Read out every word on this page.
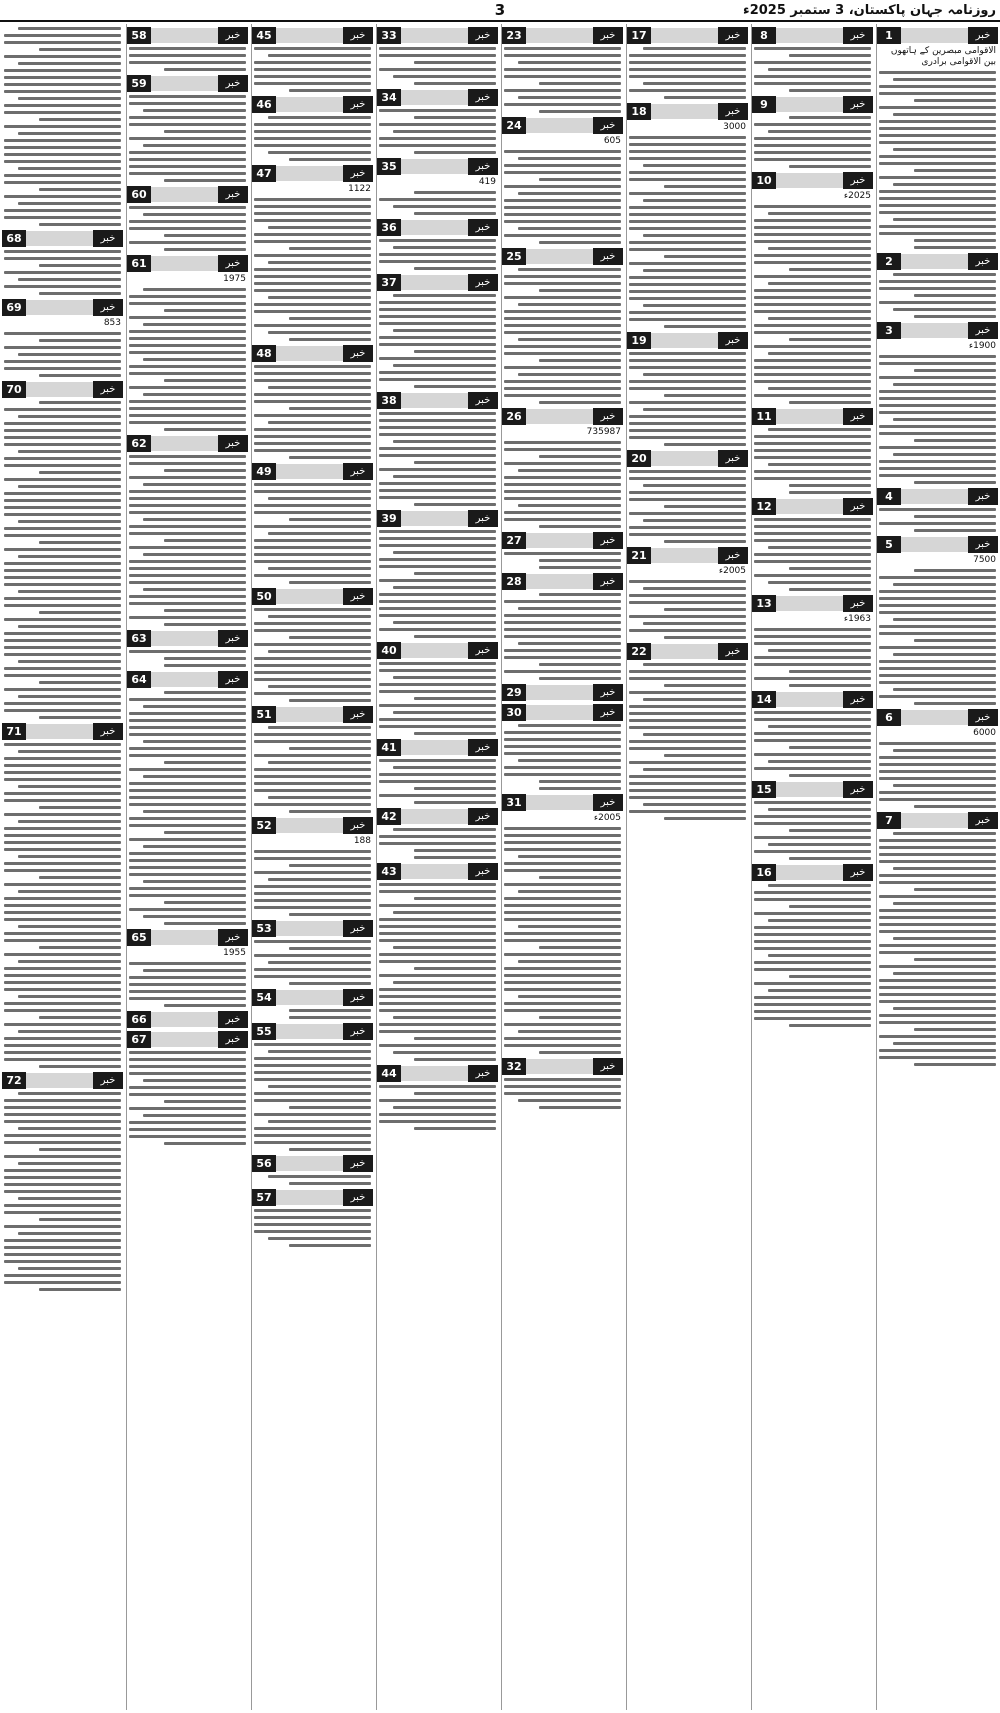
روزنامہ جہان پاکستان، 3 ستمبر 2025ء
3
خبر
1
الاقوامی مبصرین کے ہاتھوں بین الاقوامی برادری
خبر
2
خبر
3
1900ء
خبر
4
خبر
5
7500
خبر
6
6000
خبر
7
خبر
8
خبر
9
خبر
10
2025ء
خبر
11
خبر
12
خبر
13
1963ء
خبر
14
خبر
15
خبر
16
خبر
17
خبر
18
3000
خبر
19
خبر
20
خبر
21
2005ء
خبر
22
خبر
23
خبر
24
605
خبر
25
خبر
26
735987
خبر
27
خبر
28
خبر
29
خبر
30
خبر
31
2005ء
خبر
32
خبر
33
خبر
34
خبر
35
419
خبر
36
خبر
37
خبر
38
خبر
39
خبر
40
خبر
41
خبر
42
خبر
43
خبر
44
خبر
45
خبر
46
خبر
47
1122
خبر
48
خبر
49
خبر
50
خبر
51
خبر
52
188
خبر
53
خبر
54
خبر
55
خبر
56
خبر
57
خبر
58
خبر
59
خبر
60
خبر
61
1975
خبر
62
خبر
63
خبر
64
خبر
65
1955
خبر
66
خبر
67
خبر
68
خبر
69
853
خبر
70
خبر
71
خبر
72
